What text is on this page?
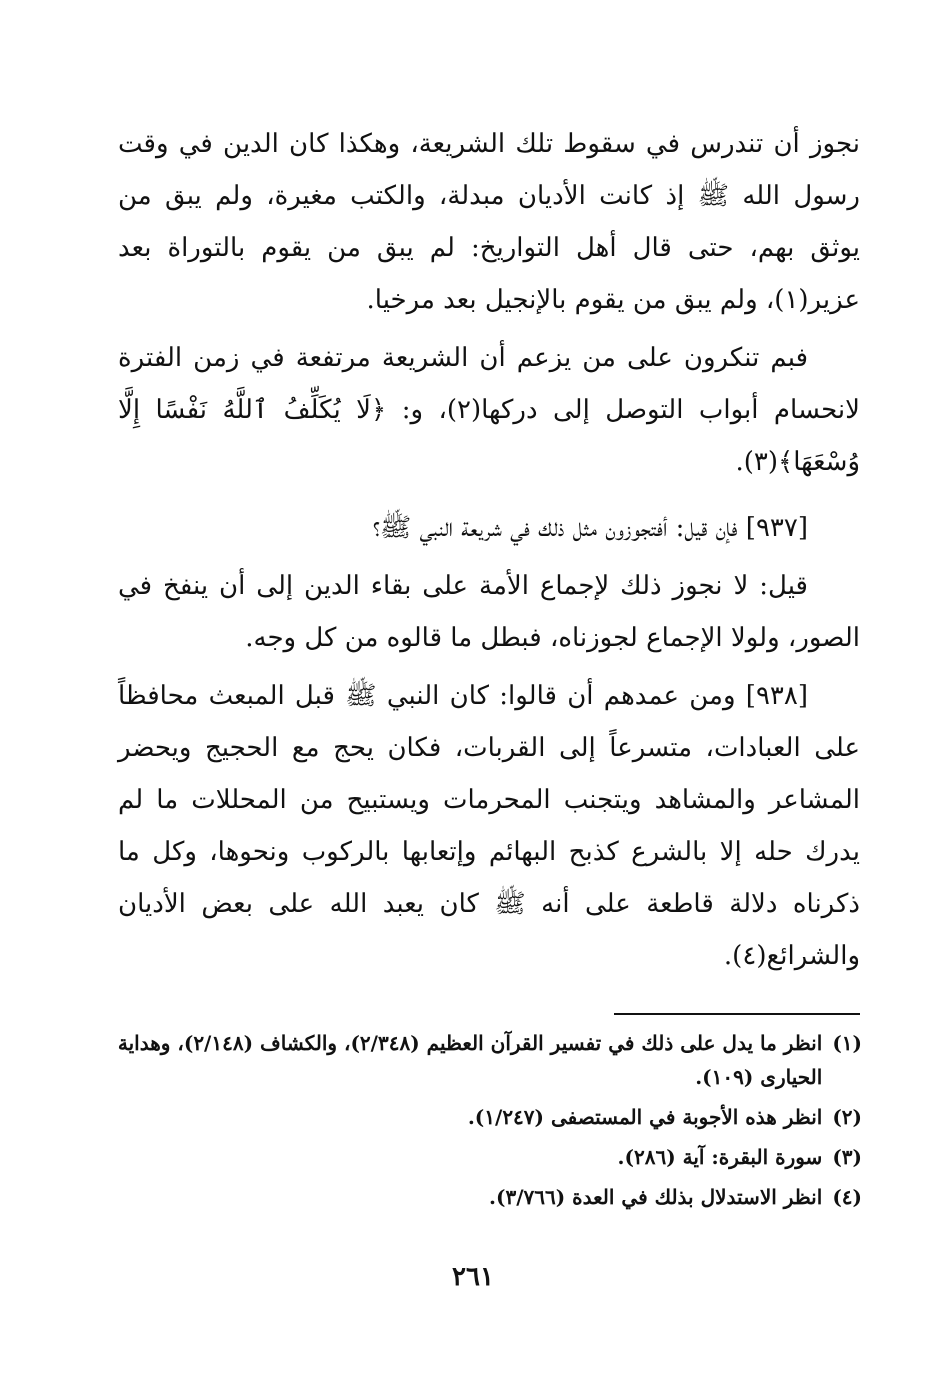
نجوز أن تندرس في سقوط تلك الشريعة، وهكذا كان الدين في وقت رسول الله ﷺ إذ كانت الأديان مبدلة، والكتب مغيرة، ولم يبق من يوثق بهم، حتى قال أهل التواريخ: لم يبق من يقوم بالتوراة بعد عزير(١)، ولم يبق من يقوم بالإنجيل بعد مرخيا.

فبم تنكرون على من يزعم أن الشريعة مرتفعة في زمن الفترة لانحسام أبواب التوصل إلى دركها(٢)، و: ﴿لَا يُكَلِّفُ ٱللَّهُ نَفْسًا إِلَّا وُسْعَهَا﴾(٣).

[٩٣٧] فإن قيل: أفتجوزون مثل ذلك في شريعة النبي ﷺ؟

قيل: لا نجوز ذلك لإجماع الأمة على بقاء الدين إلى أن ينفخ في الصور، ولولا الإجماع لجوزناه، فبطل ما قالوه من كل وجه.

[٩٣٨] ومن عمدهم أن قالوا: كان النبي ﷺ قبل المبعث محافظاً على العبادات، متسرعاً إلى القربات، فكان يحج مع الحجيج ويحضر المشاعر والمشاهد ويتجنب المحرمات ويستبيح من المحللات ما لم يدرك حله إلا بالشرع كذبح البهائم وإتعابها بالركوب ونحوها، وكل ما ذكرناه دلالة قاطعة على أنه ﷺ كان يعبد الله على بعض الأديان والشرائع(٤).

(١)
انظر ما يدل على ذلك في تفسير القرآن العظيم (٢/٣٤٨)، والكشاف (٢/١٤٨)، وهداية الحيارى (١٠٩).
(٢)
انظر هذه الأجوبة في المستصفى (١/٢٤٧).
(٣)
سورة البقرة: آية (٢٨٦).
(٤)
انظر الاستدلال بذلك في العدة (٣/٧٦٦).
٢٦١
